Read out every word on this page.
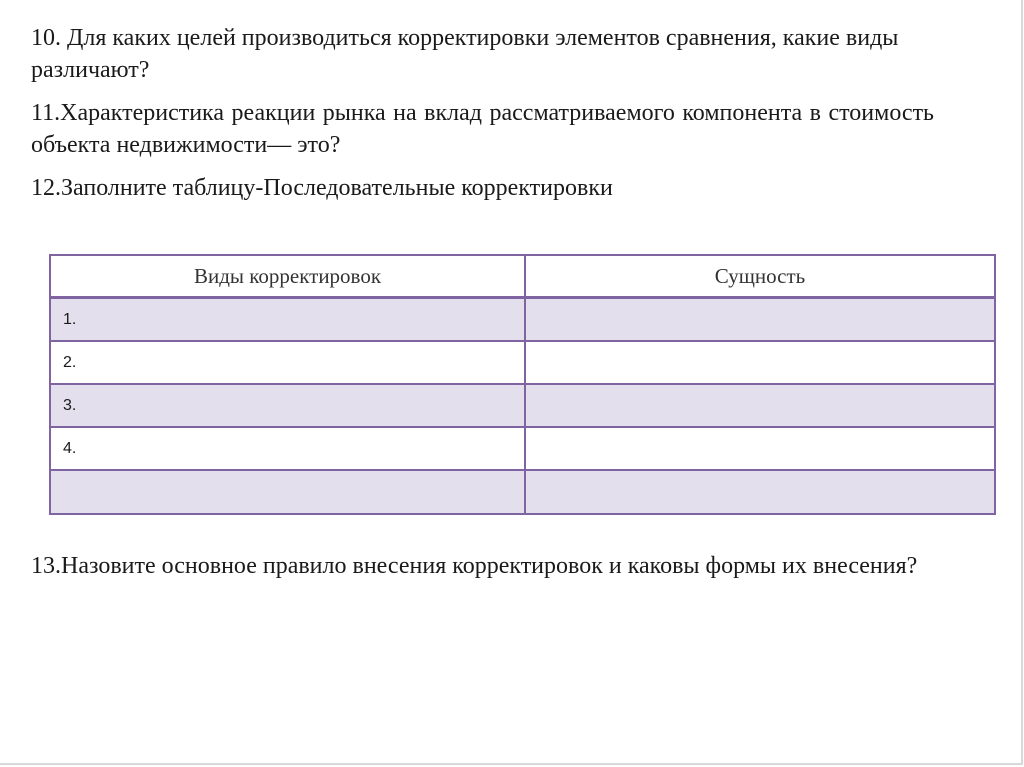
10. Для каких целей производиться корректировки элементов сравнения, какие виды различают?

11.Характеристика реакции рынка на вклад рассматриваемого компонента в стоимость объекта недвижимости— это?

12.Заполните таблицу-Последовательные корректировки

Виды корректировок	Сущность
1.
2.
3.
4.

13.Назовите основное правило внесения корректировок и каковы формы их внесения?
